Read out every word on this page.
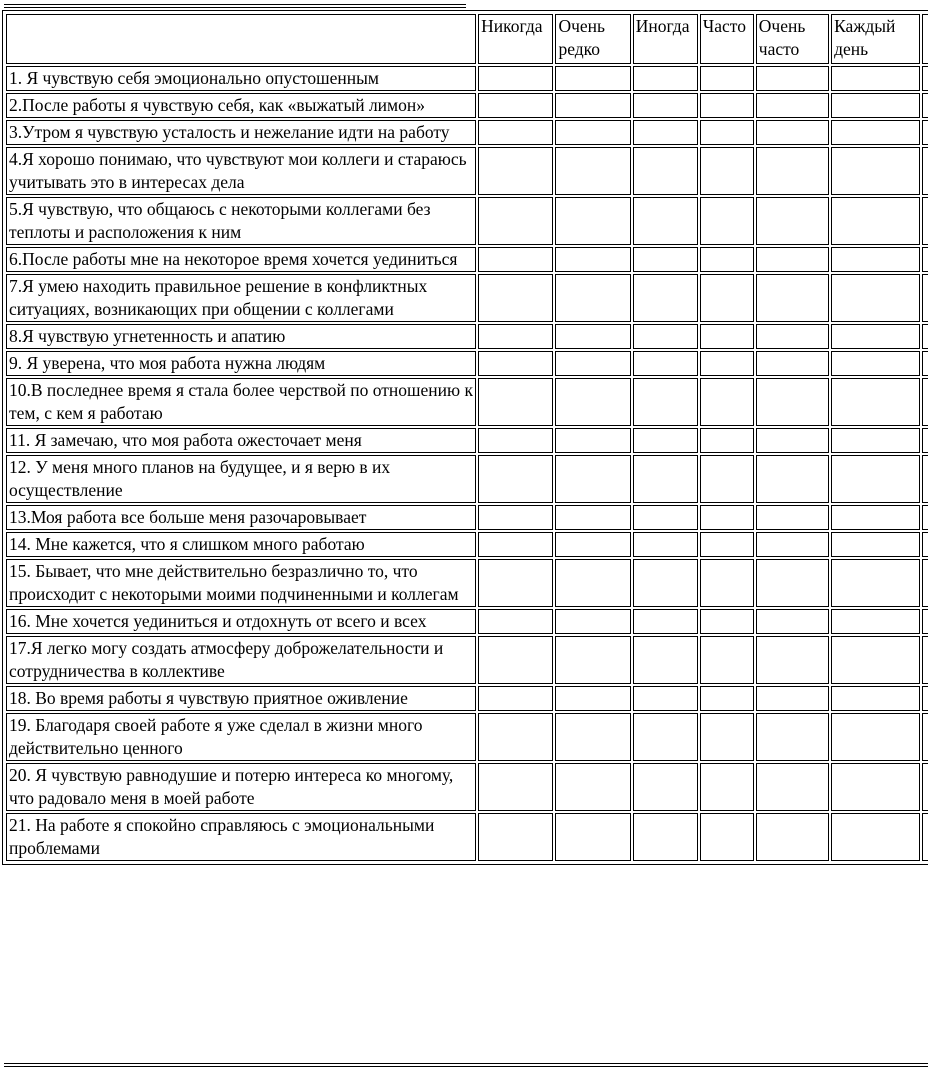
	Никогда	Очень редко	Иногда	Часто	Очень часто	Каждый день	
1. Я чувствую себя эмоционально опустошенным							
2.После работы я чувствую себя, как «выжатый лимон»							
3.Утром я чувствую усталость и нежелание идти на работу							
4.Я хорошо понимаю, что чувствуют мои коллеги и стараюсь учитывать это в интересах дела							
5.Я чувствую, что общаюсь с некоторыми коллегами без теплоты и расположения к ним							
6.После работы мне на некоторое время хочется уединиться							
7.Я умею находить правильное решение в конфликтных ситуациях, возникающих при общении с коллегами							
8.Я чувствую угнетенность и апатию							
9. Я уверена, что моя работа нужна людям							
10.В последнее время я стала более черствой по отношению к тем, с кем я работаю							
11. Я замечаю, что моя работа ожесточает меня							
12. У меня много планов на будущее, и я верю в их осуществление							
13.Моя работа все больше меня разочаровывает							
14. Мне кажется, что я слишком много работаю							
15. Бывает, что мне действительно безразлично то, что происходит с некоторыми моими подчиненными и коллегам							
16. Мне хочется уединиться и отдохнуть от всего и всех							
17.Я легко могу создать атмосферу доброжелательности и сотрудничества в коллективе							
18. Во время работы я чувствую приятное оживление							
19. Благодаря своей работе я уже сделал в жизни много действительно ценного							
20. Я чувствую равнодушие и потерю интереса ко многому, что радовало меня в моей работе							
21. На работе я спокойно справляюсь с эмоциональными проблемами							
